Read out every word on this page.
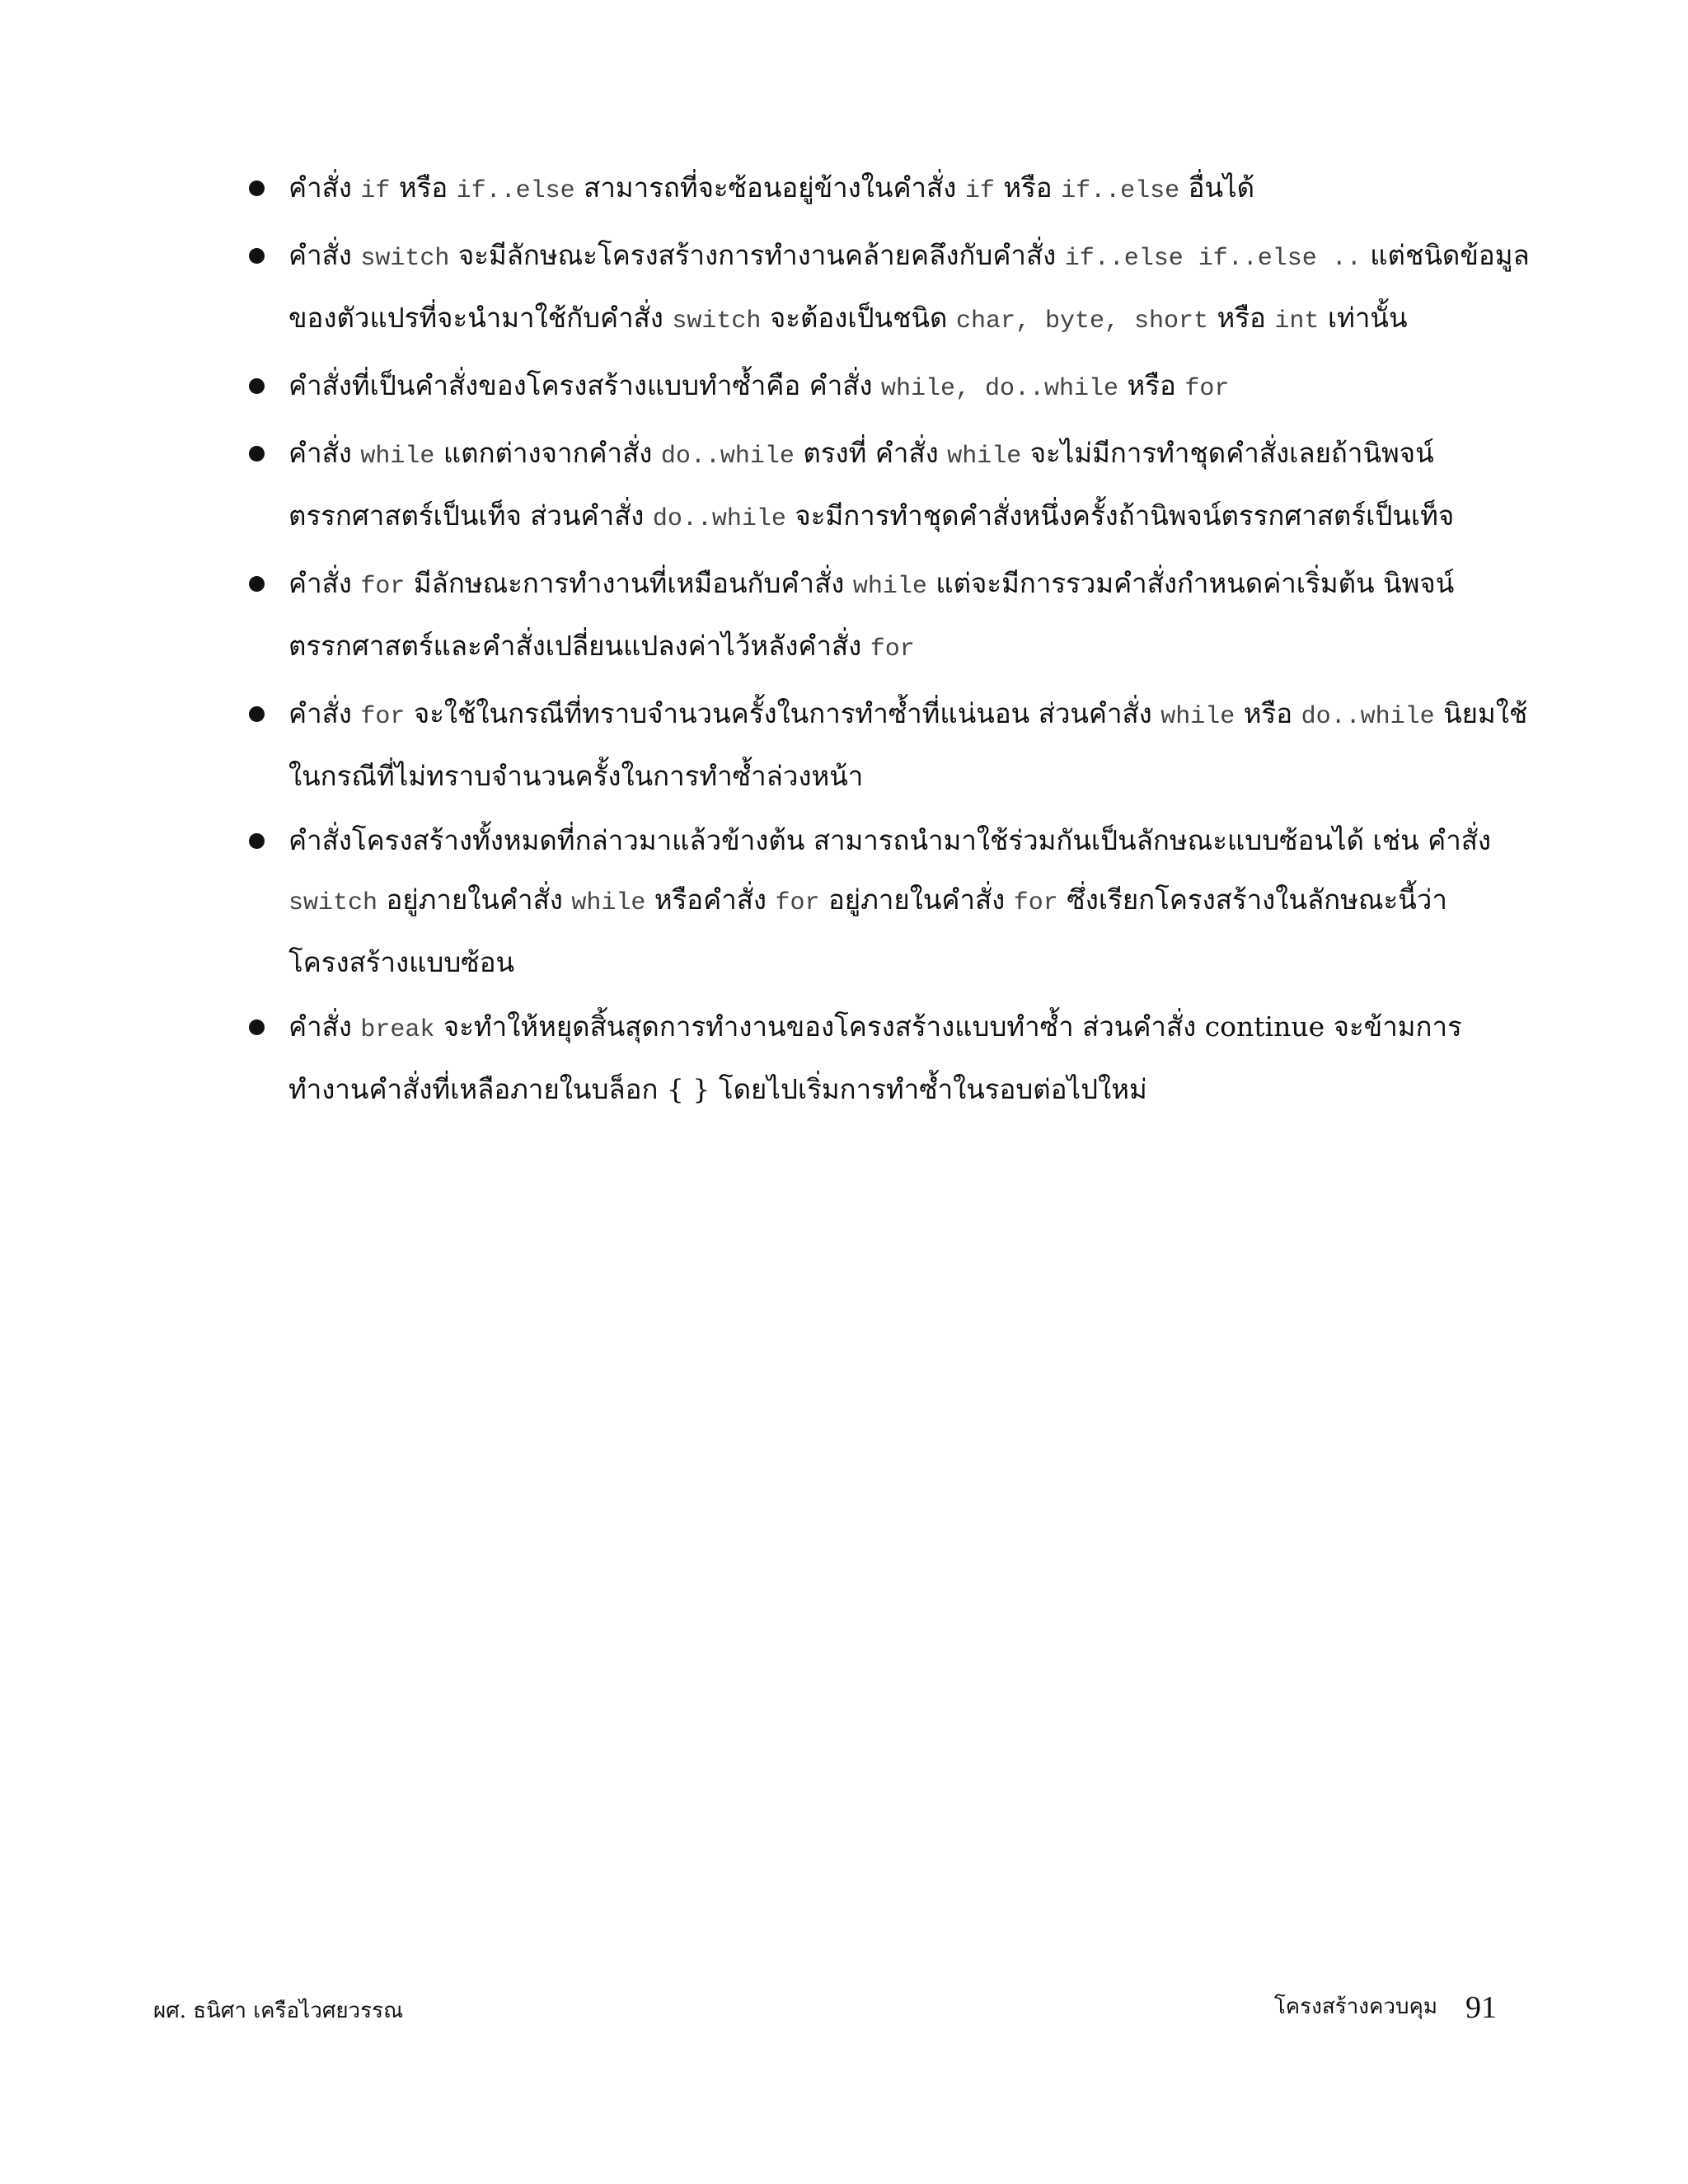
คำสั่ง if หรือ if..else สามารถที่จะซ้อนอยู่ข้างในคำสั่ง if หรือ if..else อื่นได้
คำสั่ง switch จะมีลักษณะโครงสร้างการทำงานคล้ายคลึงกับคำสั่ง if..else if..else .. แต่ชนิดข้อมูลของตัวแปรที่จะนำมาใช้กับคำสั่ง switch จะต้องเป็นชนิด char, byte, short หรือ int เท่านั้น
คำสั่งที่เป็นคำสั่งของโครงสร้างแบบทำซ้ำคือ คำสั่ง while, do..while หรือ for
คำสั่ง while แตกต่างจากคำสั่ง do..while ตรงที่ คำสั่ง while จะไม่มีการทำชุดคำสั่งเลยถ้านิพจน์ตรรกศาสตร์เป็นเท็จ ส่วนคำสั่ง do..while จะมีการทำชุดคำสั่งหนึ่งครั้งถ้านิพจน์ตรรกศาสตร์เป็นเท็จ
คำสั่ง for มีลักษณะการทำงานที่เหมือนกับคำสั่ง while แต่จะมีการรวมคำสั่งกำหนดค่าเริ่มต้น นิพจน์ตรรกศาสตร์และคำสั่งเปลี่ยนแปลงค่าไว้หลังคำสั่ง for
คำสั่ง for จะใช้ในกรณีที่ทราบจำนวนครั้งในการทำซ้ำที่แน่นอน ส่วนคำสั่ง while หรือ do..while นิยมใช้ในกรณีที่ไม่ทราบจำนวนครั้งในการทำซ้ำล่วงหน้า
คำสั่งโครงสร้างทั้งหมดที่กล่าวมาแล้วข้างต้น สามารถนำมาใช้ร่วมกันเป็นลักษณะแบบซ้อนได้ เช่น คำสั่ง switch อยู่ภายในคำสั่ง while หรือคำสั่ง for อยู่ภายในคำสั่ง for ซึ่งเรียกโครงสร้างในลักษณะนี้ว่า โครงสร้างแบบซ้อน
คำสั่ง break จะทำให้หยุดสิ้นสุดการทำงานของโครงสร้างแบบทำซ้ำ ส่วนคำสั่ง continue จะข้ามการทำงานคำสั่งที่เหลือภายในบล็อก { } โดยไปเริ่มการทำซ้ำในรอบต่อไปใหม่
ผศ. ธนิศา เครือไวศยวรรณ	โครงสร้างควบคุม 91
